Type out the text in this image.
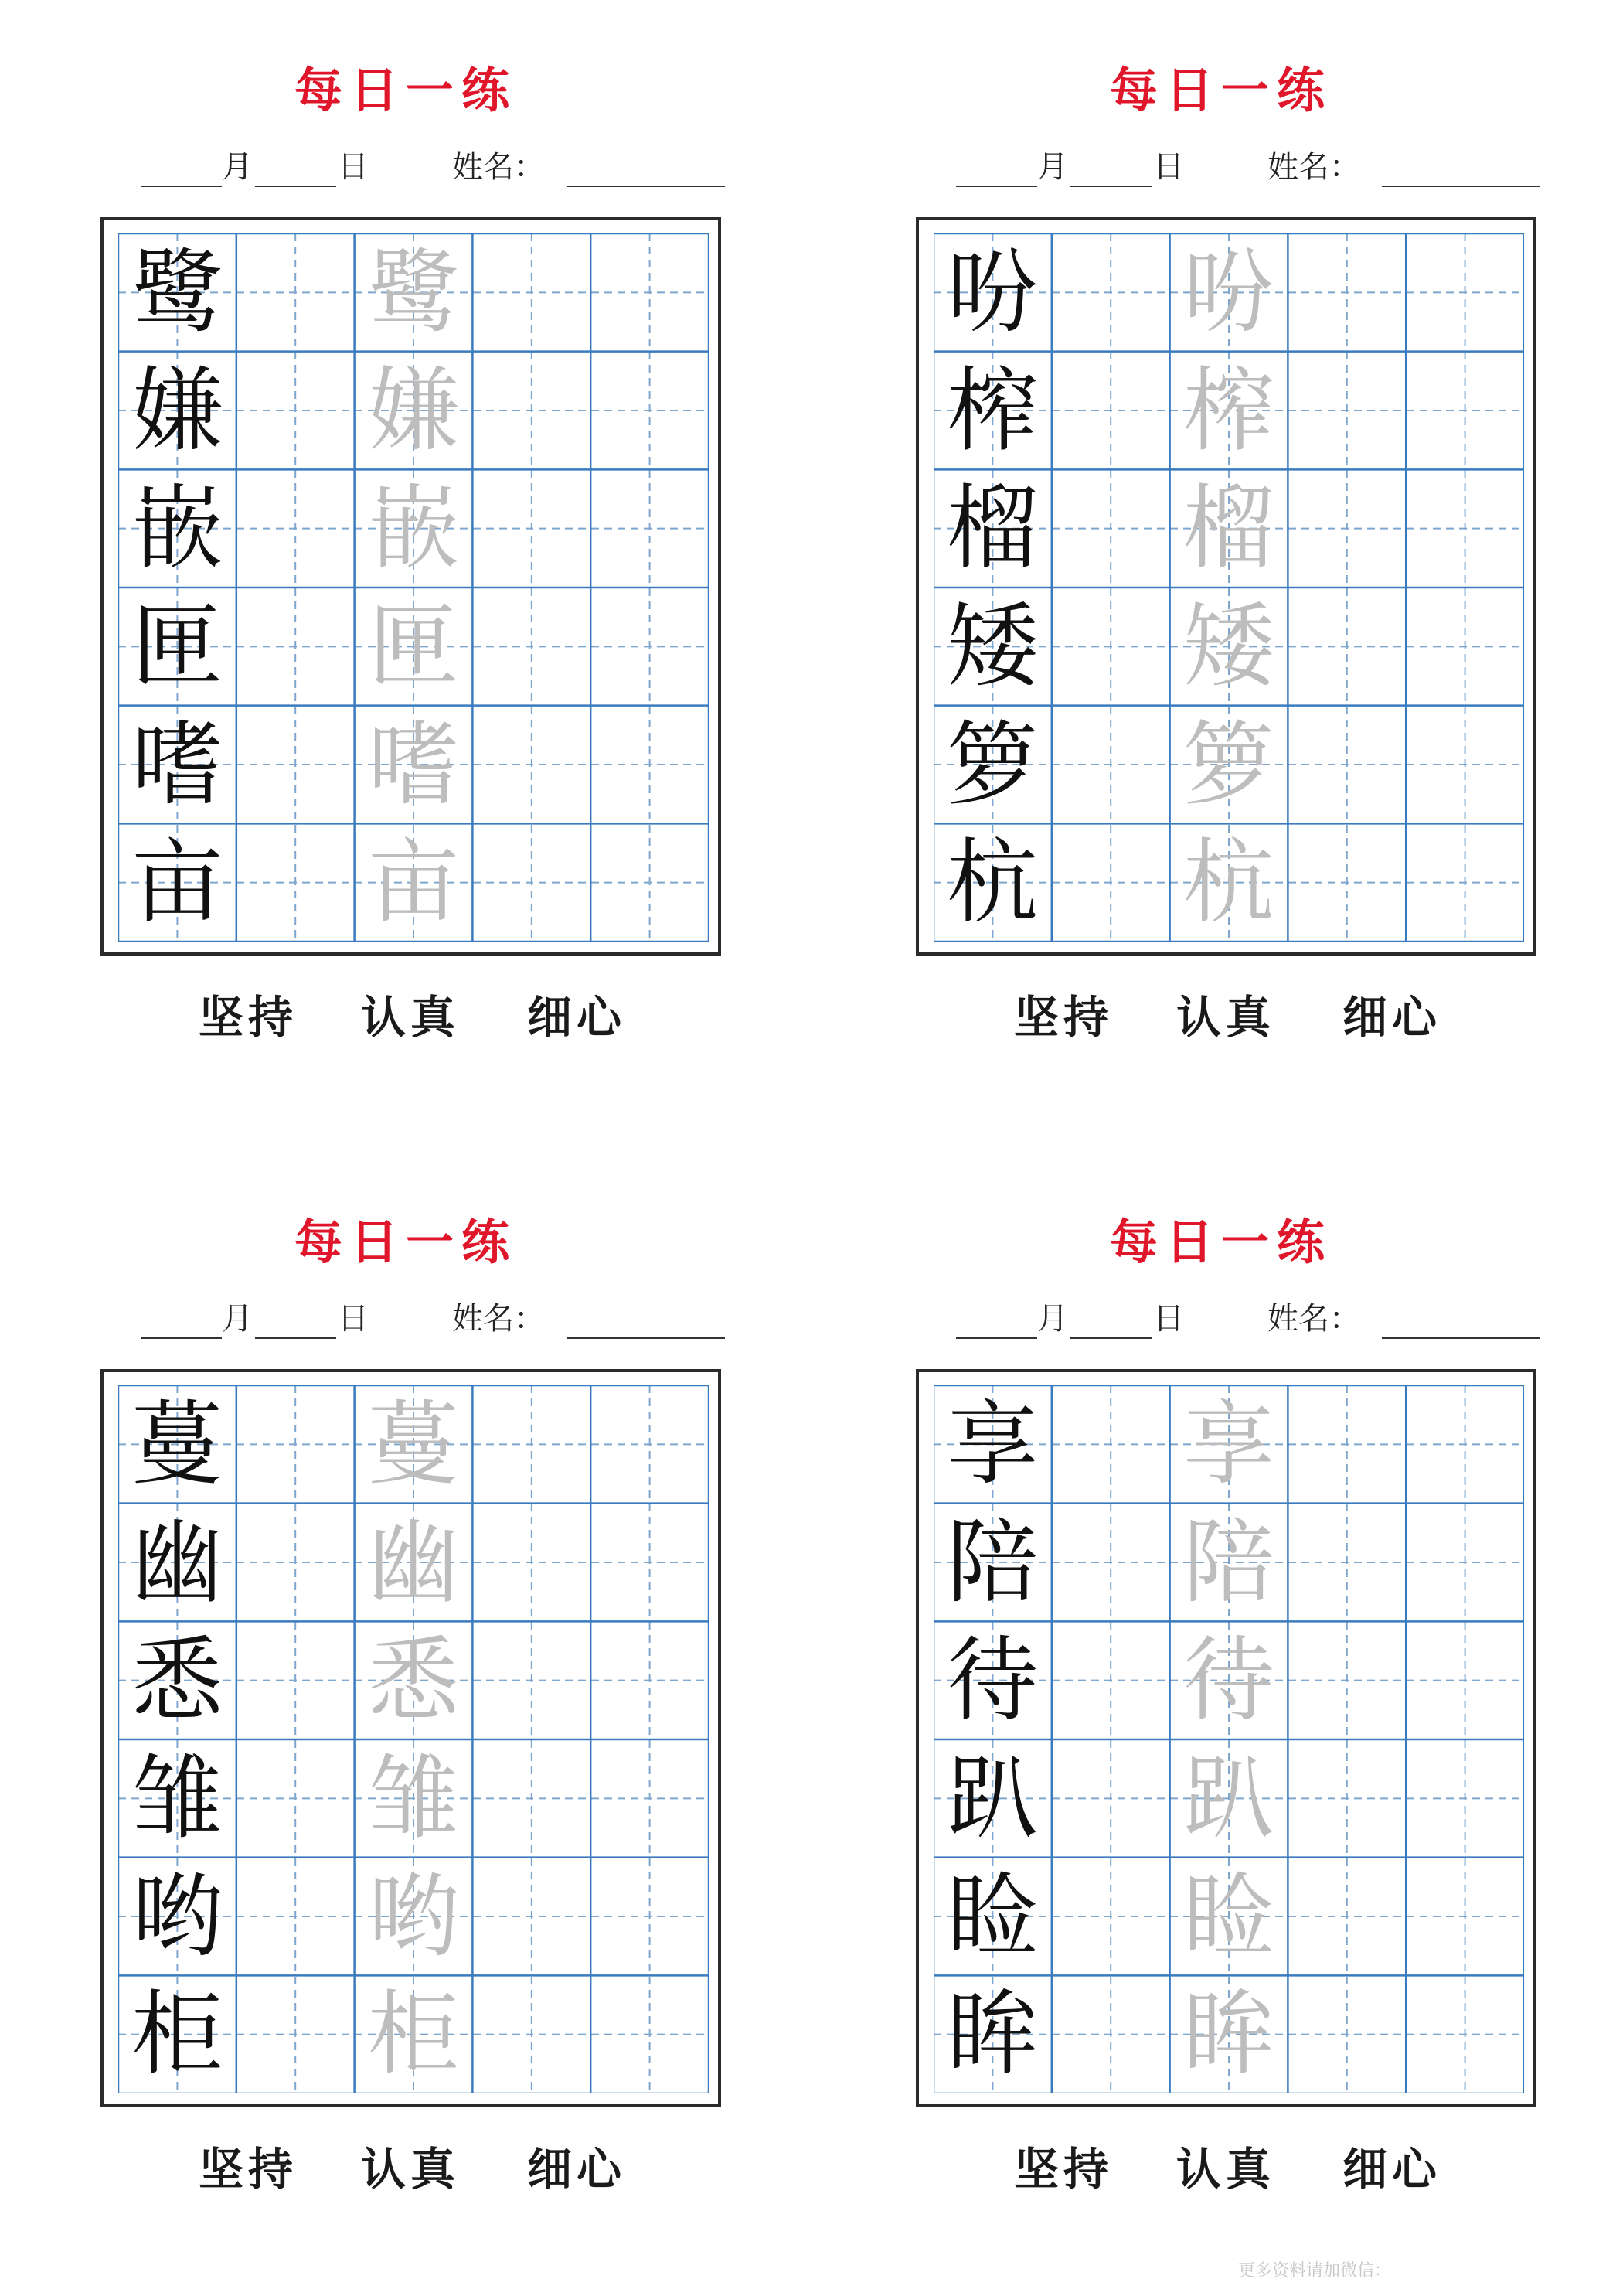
每日一练
月	日	姓名：
鹭 鹭
嫌 嫌
嵌 嵌
匣 匣
嗜 嗜
亩 亩
坚持 认真 细心
每日一练
月	日	姓名：
吩 吩
榨 榨
榴 榴
矮 矮
箩 箩
杭 杭
坚持 认真 细心
每日一练
月	日	姓名：
蔓 蔓
幽 幽
悉 悉
雏 雏
哟 哟
柜 柜
坚持 认真 细心
每日一练
月	日	姓名：
享 享
陪 陪
待 待
趴 趴
睑 睑
眸 眸
坚持 认真 细心
更多资料请加微信：
